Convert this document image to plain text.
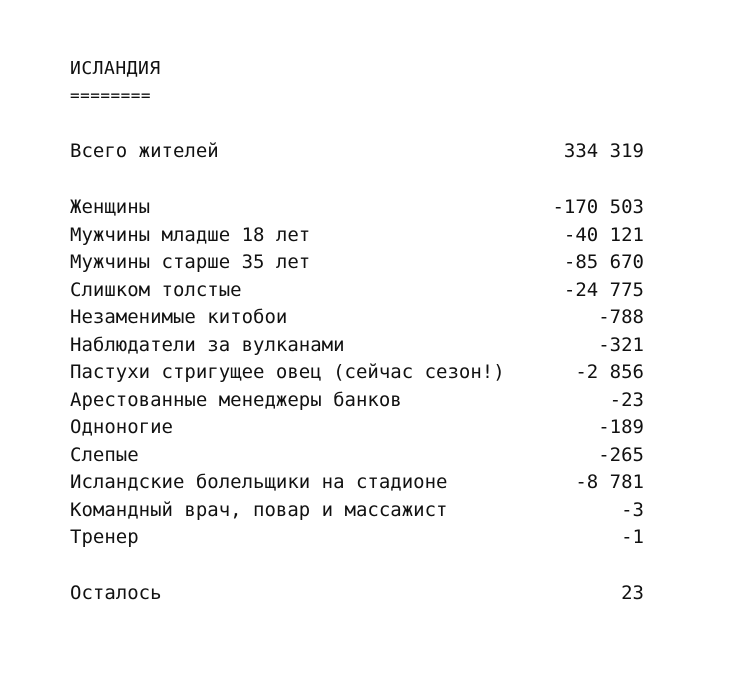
ИСЛАНДИЯ
========
Всего жителей	334 319
Женщины	-170 503
Мужчины младше 18 лет	-40 121
Мужчины старше 35 лет	-85 670
Слишком толстые	-24 775
Незаменимые китобои	-788
Наблюдатели за вулканами	-321
Пастухи стригущее овец (сейчас сезон!)	-2 856
Арестованные менеджеры банков	-23
Одноногие	-189
Слепые	-265
Исландские болельщики на стадионе	-8 781
Командный врач, повар и массажист	-3
Тренер	-1
Осталось	23
